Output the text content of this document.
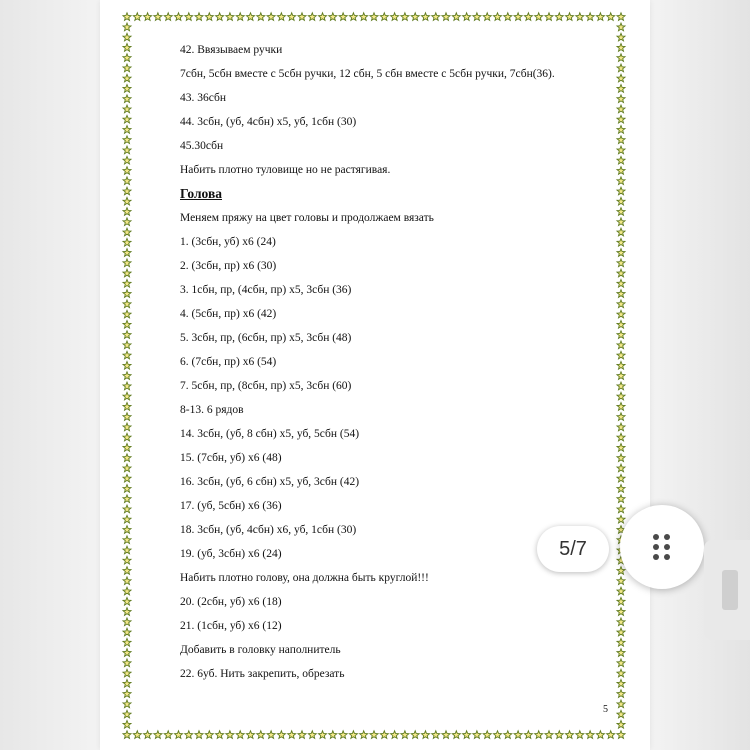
42. Ввязываем ручки
7сбн, 5сбн вместе с 5сбн ручки, 12 сбн, 5 сбн вместе с 5сбн ручки, 7сбн(36).
43. 36сбн
44. 3сбн, (уб, 4сбн) х5, уб, 1сбн (30)
45.30сбн
Набить плотно туловище но не растягивая.
Голова
Меняем пряжу на цвет головы и продолжаем вязать
1. (3сбн, уб) х6 (24)
2. (3сбн, пр) х6 (30)
3. 1сбн, пр, (4сбн, пр) х5, 3сбн (36)
4. (5сбн, пр) х6 (42)
5. 3сбн, пр, (6сбн, пр) х5, 3сбн (48)
6. (7сбн, пр) х6 (54)
7. 5сбн, пр, (8сбн, пр) х5, 3сбн (60)
8-13. 6 рядов
14. 3сбн, (уб, 8 сбн) х5, уб, 5сбн (54)
15. (7сбн, уб) х6 (48)
16. 3сбн, (уб, 6 сбн) х5, уб, 3сбн (42)
17. (уб, 5сбн) х6 (36)
18. 3сбн, (уб, 4сбн) х6, уб, 1сбн (30)
19. (уб, 3сбн) х6 (24)
Набить плотно голову, она должна быть круглой!!!
20. (2сбн, уб) х6 (18)
21. (1сбн, уб) х6 (12)
Добавить в головку наполнитель
22. 6уб. Нить закрепить, обрезать
5
5/7
